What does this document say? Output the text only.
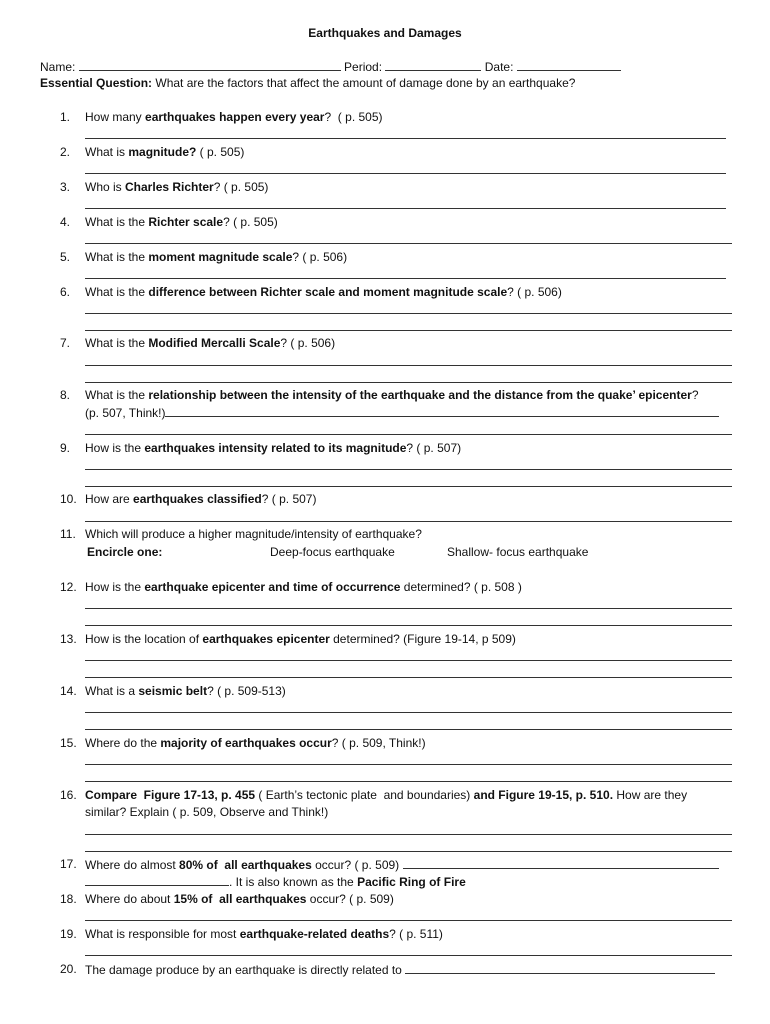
Earthquakes and Damages
Name:	Period:	Date:
Essential Question: What are the factors that affect the amount of damage done by an earthquake?
1. How many earthquakes happen every year?  ( p. 505)
2. What is magnitude? ( p. 505)
3. Who is Charles Richter? ( p. 505)
4. What is the Richter scale? ( p. 505)
5. What is the moment magnitude scale? ( p. 506)
6. What is the difference between Richter scale and moment magnitude scale? ( p. 506)
7. What is the Modified Mercalli Scale? ( p. 506)
8. What is the relationship between the intensity of the earthquake and the distance from the quake’ epicenter?
(p. 507, Think!)
9. How is the earthquakes intensity related to its magnitude? ( p. 507)
10. How are earthquakes classified? ( p. 507)
11. Which will produce a higher magnitude/intensity of earthquake?
Encircle one:	Deep-focus earthquake	Shallow- focus earthquake
12. How is the earthquake epicenter and time of occurrence determined? ( p. 508 )
13. How is the location of earthquakes epicenter determined? (Figure 19-14, p 509)
14. What is a seismic belt? ( p. 509-513)
15. Where do the majority of earthquakes occur? ( p. 509, Think!)
16. Compare  Figure 17-13, p. 455 ( Earth’s tectonic plate  and boundaries) and Figure 19-15, p. 510. How are they
similar? Explain ( p. 509, Observe and Think!)
17. Where do almost 80% of  all earthquakes occur? ( p. 509)
. It is also known as the Pacific Ring of Fire
18. Where do about 15% of  all earthquakes occur? ( p. 509)
19. What is responsible for most earthquake-related deaths? ( p. 511)
20. The damage produce by an earthquake is directly related to
